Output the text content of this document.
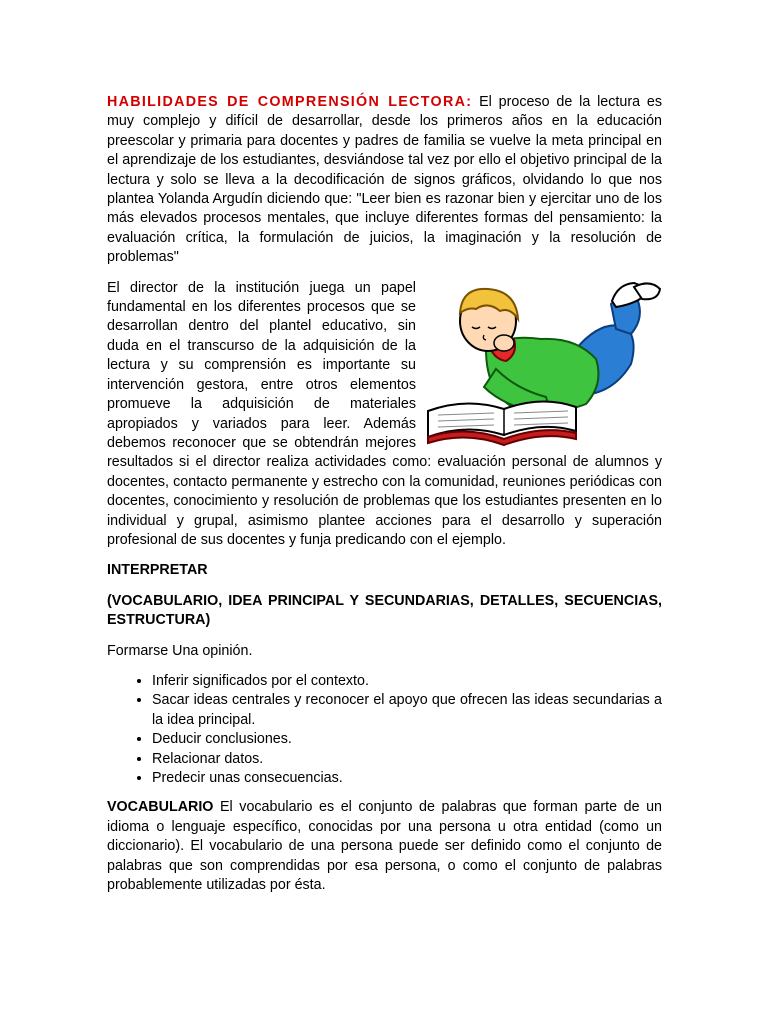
HABILIDADES DE COMPRENSIÓN LECTORA: El proceso de la lectura es muy complejo y difícil de desarrollar, desde los primeros años en la educación preescolar y primaria para docentes y padres de familia se vuelve la meta principal en el aprendizaje de los estudiantes, desviándose tal vez por ello el objetivo principal de la lectura y solo se lleva a la decodificación de signos gráficos, olvidando lo que nos plantea Yolanda Argudín diciendo que: "Leer bien es razonar bien y ejercitar uno de los más elevados procesos mentales, que incluye diferentes formas del pensamiento: la evaluación crítica, la formulación de juicios, la imaginación y la resolución de problemas"

El director de la institución juega un papel fundamental en los diferentes procesos que se desarrollan dentro del plantel educativo, sin duda en el transcurso de la adquisición de la lectura y su comprensión es importante su intervención gestora, entre otros elementos promueve la adquisición de materiales apropiados y variados para leer. Además debemos reconocer que se obtendrán mejores resultados si el director realiza actividades como: evaluación personal de alumnos y docentes, contacto permanente y estrecho con la comunidad, reuniones periódicas con docentes, conocimiento y resolución de problemas que los estudiantes presenten en lo individual y grupal, asimismo plantee acciones para el desarrollo y superación profesional de sus docentes y funja predicando con el ejemplo.

INTERPRETAR

(VOCABULARIO, IDEA PRINCIPAL Y SECUNDARIAS, DETALLES, SECUENCIAS, ESTRUCTURA)

Formarse Una opinión.

• Inferir significados por el contexto.
• Sacar ideas centrales y reconocer el apoyo que ofrecen las ideas secundarias a la idea principal.
• Deducir conclusiones.
• Relacionar datos.
• Predecir unas consecuencias.

VOCABULARIO El vocabulario es el conjunto de palabras que forman parte de un idioma o lenguaje específico, conocidas por una persona u otra entidad (como un diccionario). El vocabulario de una persona puede ser definido como el conjunto de palabras que son comprendidas por esa persona, o como el conjunto de palabras probablemente utilizadas por ésta.
